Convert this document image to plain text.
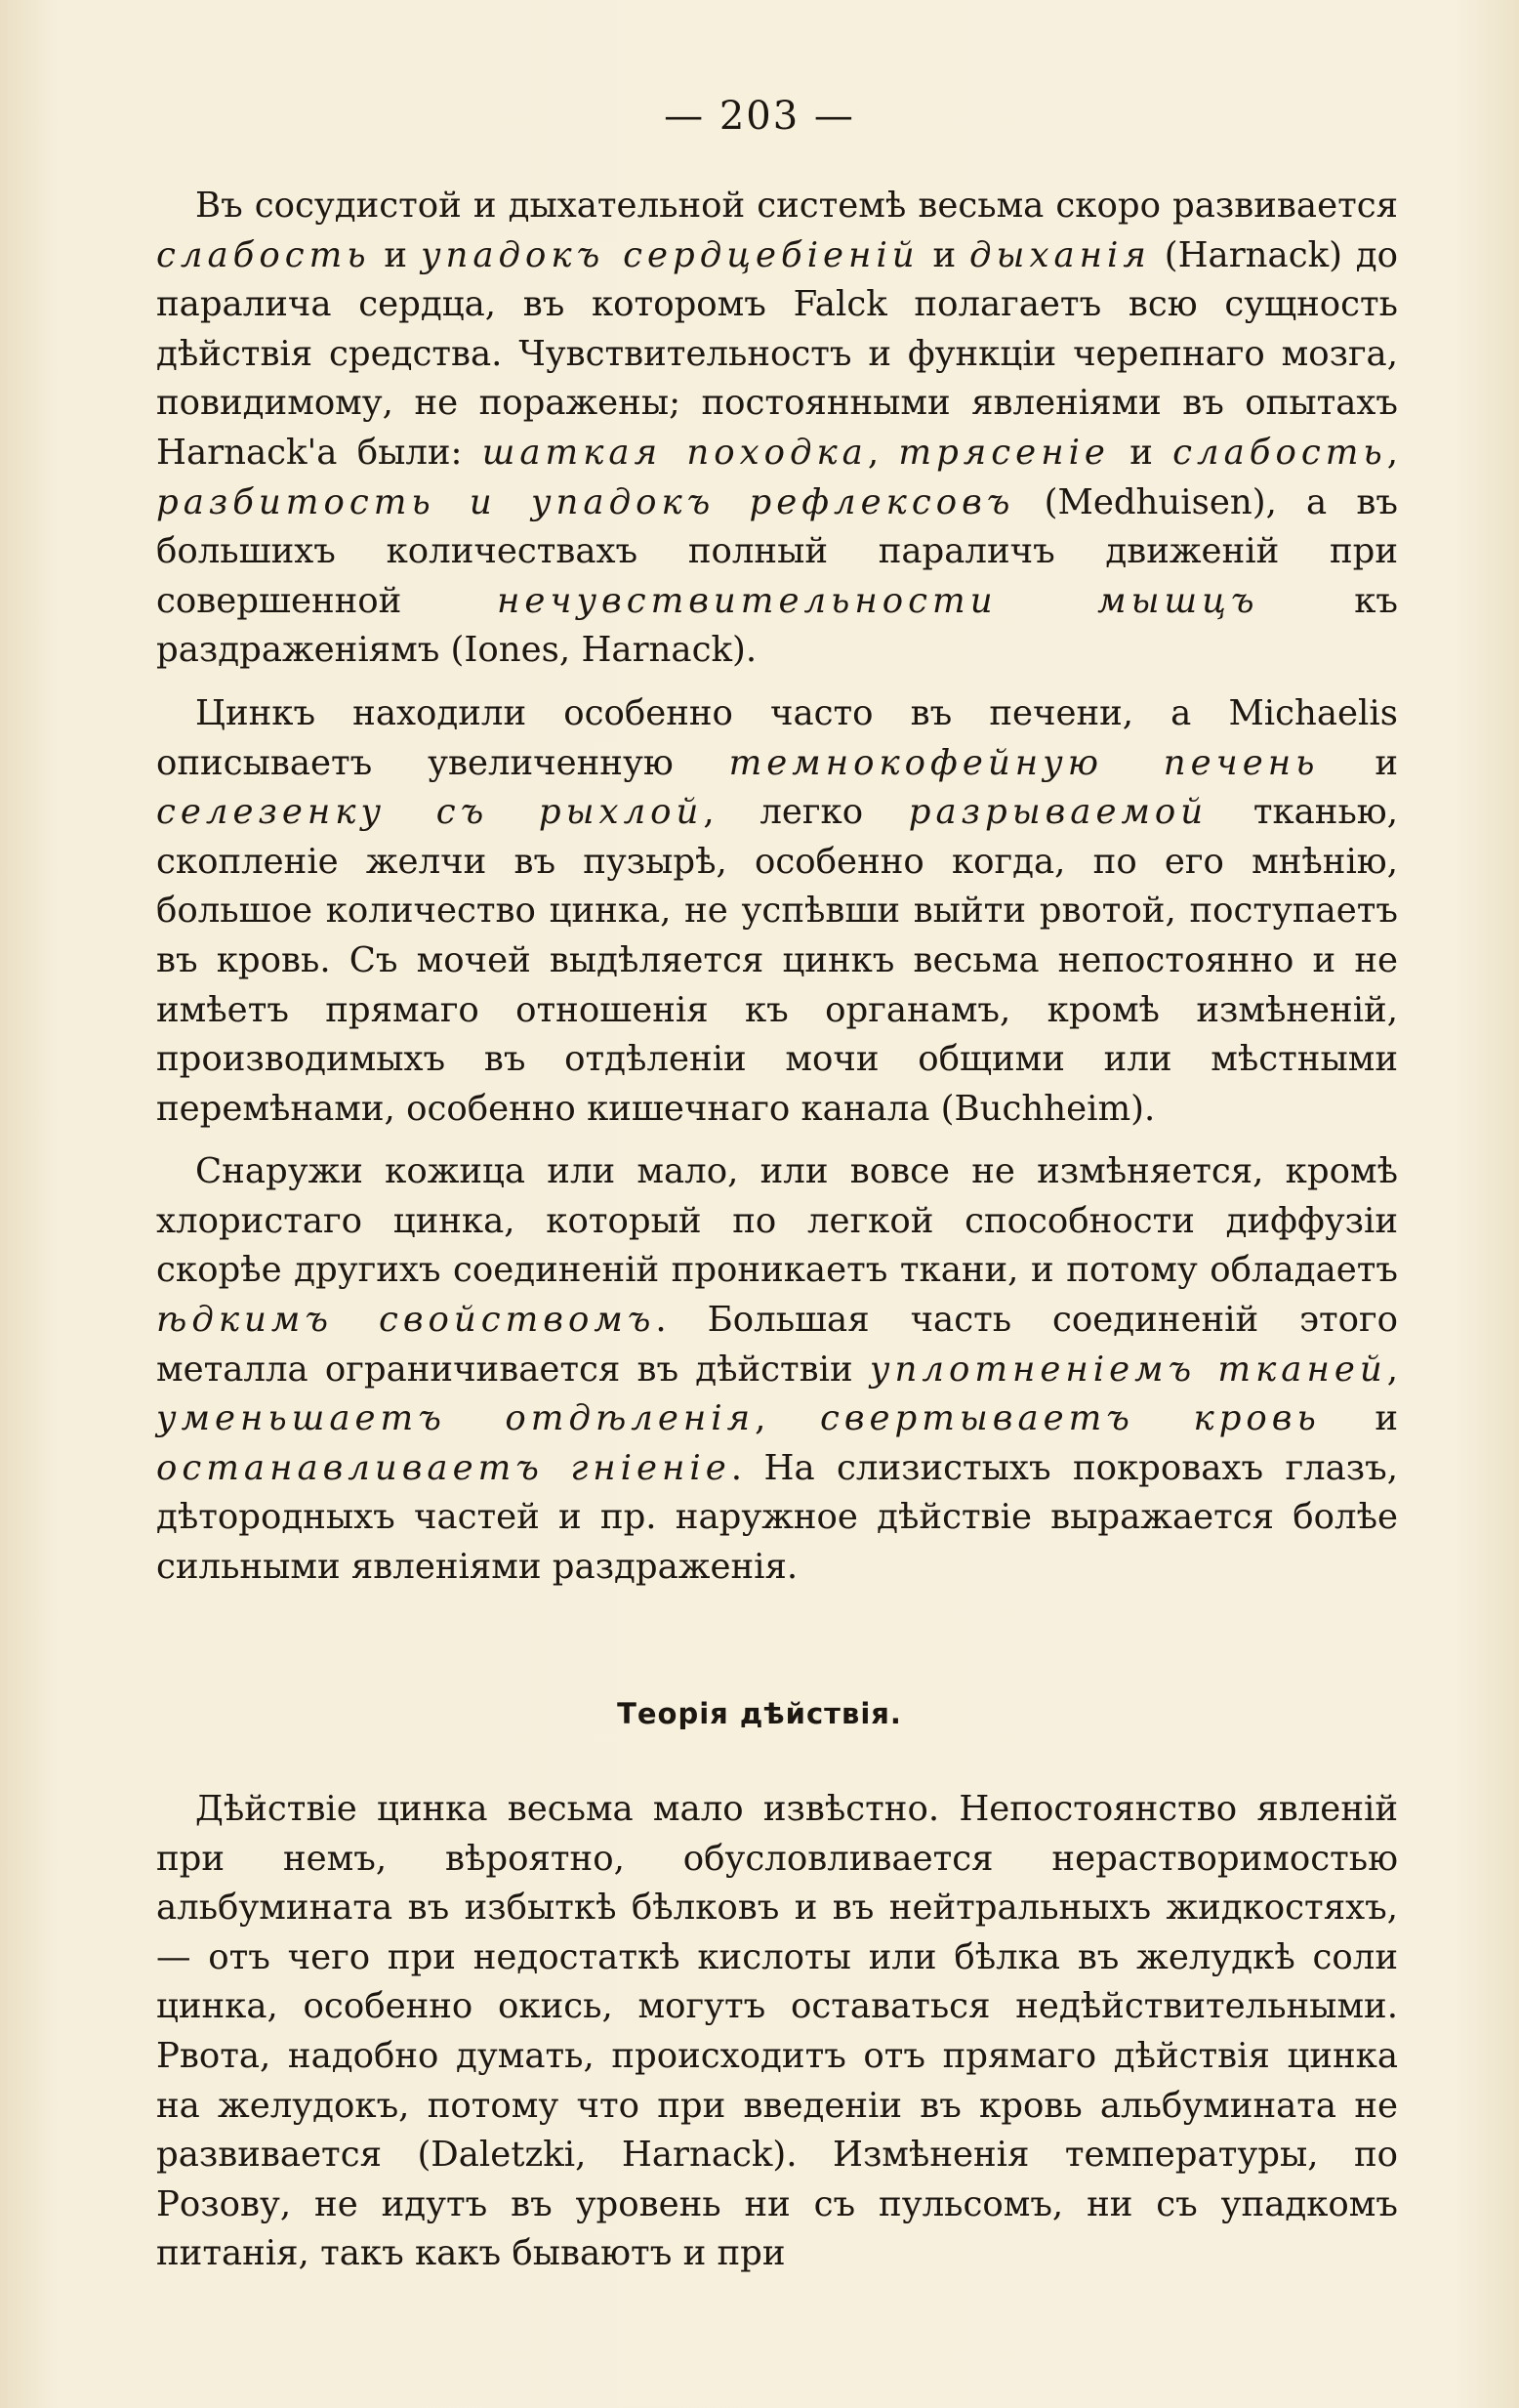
— 203 —

Въ сосудистой и дыхательной системѣ весьма скоро развивается слабость и упадокъ сердцебіеній и дыханія (Harnack) до паралича сердца, въ которомъ Falck полагаетъ всю сущность дѣйствія средства. Чувствительностъ и функціи черепнаго мозга, повидимому, не поражены; постоянными явленіями въ опытахъ Harnack'a были: шаткая походка, трясеніе и слабость, разбитость и упадокъ рефлексовъ (Medhuisen), а въ большихъ количествахъ полный параличъ движеній при совершенной нечувствительности мышцъ къ раздраженіямъ (Iones, Harnack).

Цинкъ находили особенно часто въ печени, а Michaelis описываетъ увеличенную темнокофейную печень и селезенку съ рыхлой, легко разрываемой тканью, скопленіе желчи въ пузырѣ, особенно когда, по его мнѣнію, большое количество цинка, не успѣвши выйти рвотой, поступаетъ въ кровь. Съ мочей выдѣляется цинкъ весьма непостоянно и не имѣетъ прямаго отношенія къ органамъ, кромѣ измѣненій, производимыхъ въ отдѣленіи мочи общими или мѣстными перемѣнами, особенно кишечнаго канала (Buchheim).

Снаружи кожица или мало, или вовсе не измѣняется, кромѣ хлористаго цинка, который по легкой способности диффузіи скорѣе другихъ соединеній проникаетъ ткани, и потому обладаетъ ѣдкимъ свойствомъ. Большая часть соединеній этого металла ограничивается въ дѣйствіи уплотненіемъ тканей, уменьшаетъ отдѣленія, свертываетъ кровь и останавливаетъ гніеніе. На слизистыхъ покровахъ глазъ, дѣтородныхъ частей и пр. наружное дѣйствіе выражается болѣе сильными явленіями раздраженія.

Теорія дѣйствія.

Дѣйствіе цинка весьма мало извѣстно. Непостоянство явленій при немъ, вѣроятно, обусловливается нерастворимостью альбумината въ избыткѣ бѣлковъ и въ нейтральныхъ жидкостяхъ, — отъ чего при недостаткѣ кислоты или бѣлка въ желудкѣ соли цинка, особенно окись, могутъ оставаться недѣйствительными. Рвота, надобно думать, происходитъ отъ прямаго дѣйствія цинка на желудокъ, потому что при введеніи въ кровь альбумината не развивается (Daletzki, Harnack). Измѣненія температуры, по Розову, не идутъ въ уровень ни съ пульсомъ, ни съ упадкомъ питанія, такъ какъ бываютъ и при
